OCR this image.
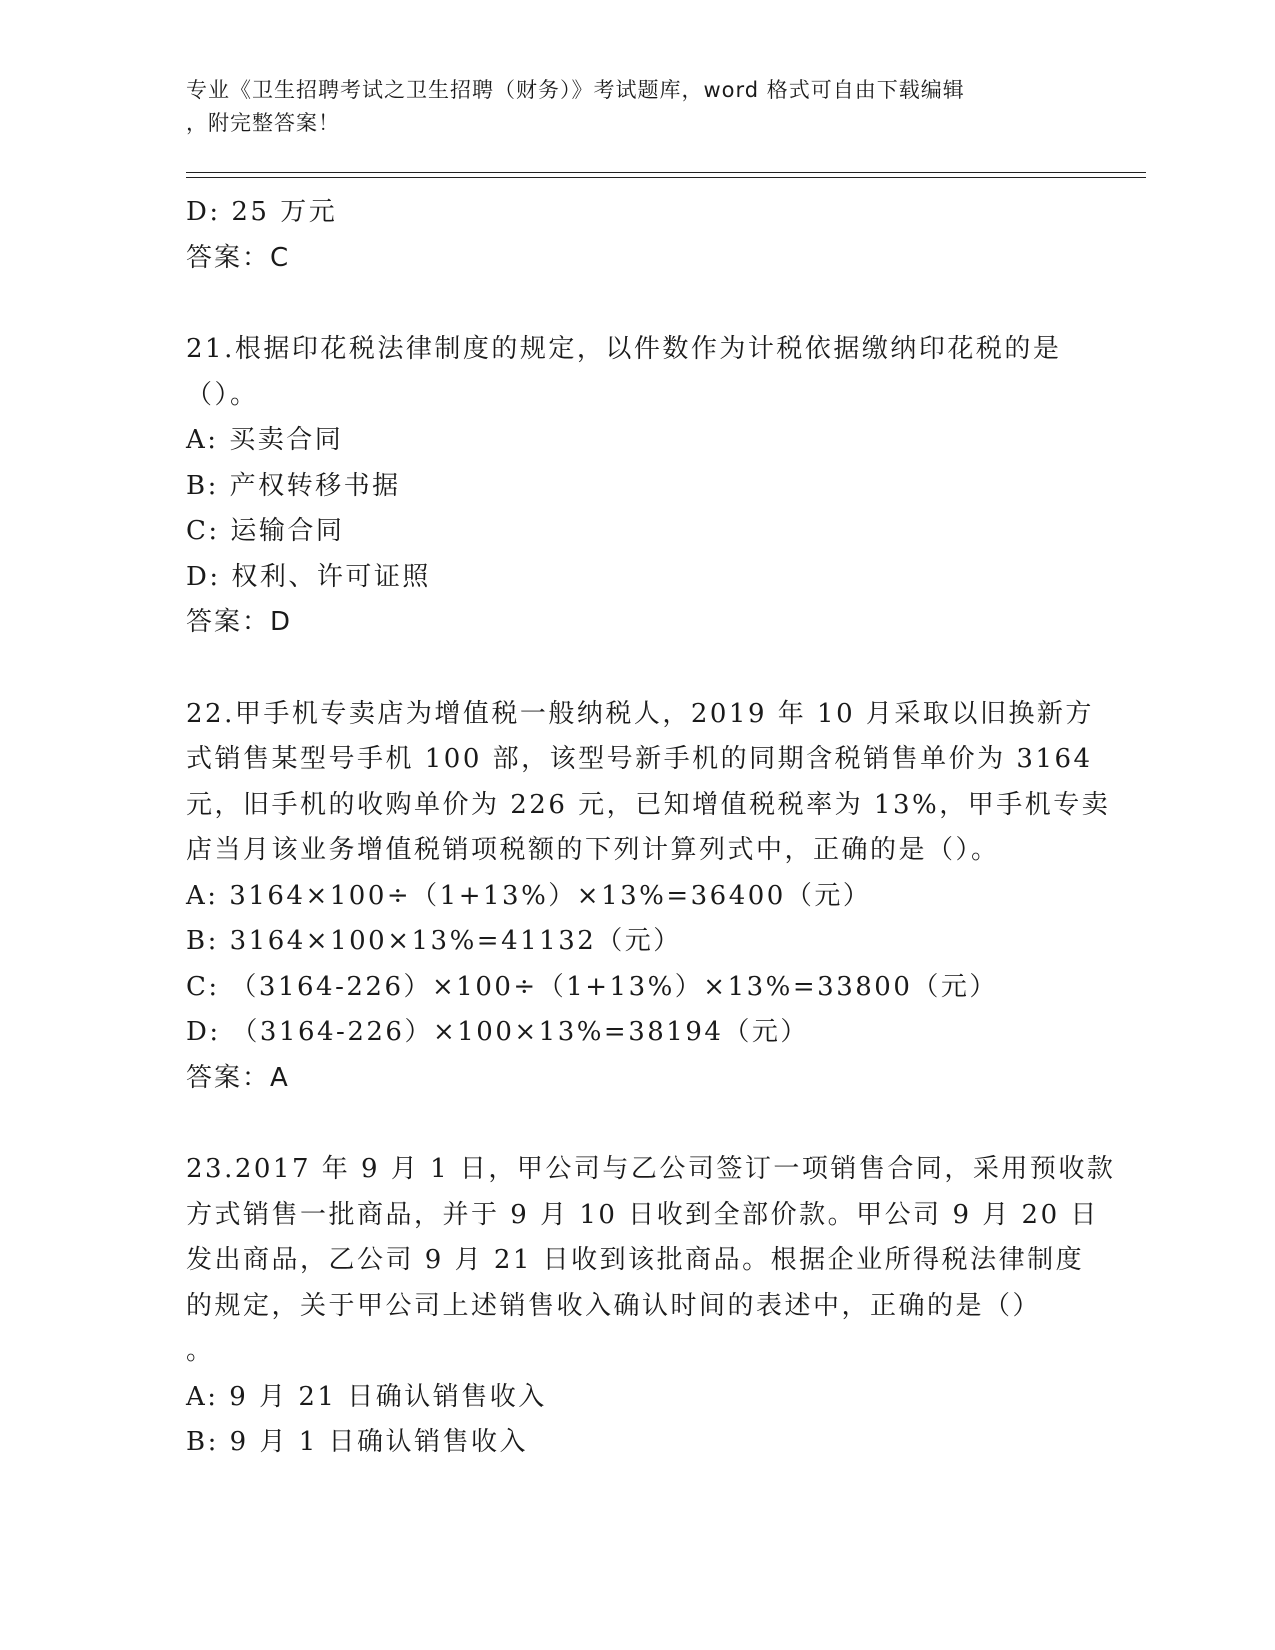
专业《卫生招聘考试之卫生招聘（财务）》考试题库，word 格式可自由下载编辑
，附完整答案！
D: 25 万元
答案：C
21.根据印花税法律制度的规定，以件数作为计税依据缴纳印花税的是
（）。
A: 买卖合同
B: 产权转移书据
C: 运输合同
D: 权利、许可证照
答案：D
22.甲手机专卖店为增值税一般纳税人，2019 年 10 月采取以旧换新方
式销售某型号手机 100 部，该型号新手机的同期含税销售单价为 3164
元，旧手机的收购单价为 226 元，已知增值税税率为 13%，甲手机专卖
店当月该业务增值税销项税额的下列计算列式中，正确的是（）。
A: 3164×100÷（1+13%）×13%=36400（元）
B: 3164×100×13%=41132（元）
C: （3164-226）×100÷（1+13%）×13%=33800（元）
D: （3164-226）×100×13%=38194（元）
答案：A
23.2017 年 9 月 1 日，甲公司与乙公司签订一项销售合同，采用预收款
方式销售一批商品，并于 9 月 10 日收到全部价款。甲公司 9 月 20 日
发出商品，乙公司 9 月 21 日收到该批商品。根据企业所得税法律制度
的规定，关于甲公司上述销售收入确认时间的表述中，正确的是（）
。
A: 9 月 21 日确认销售收入
B: 9 月 1 日确认销售收入
